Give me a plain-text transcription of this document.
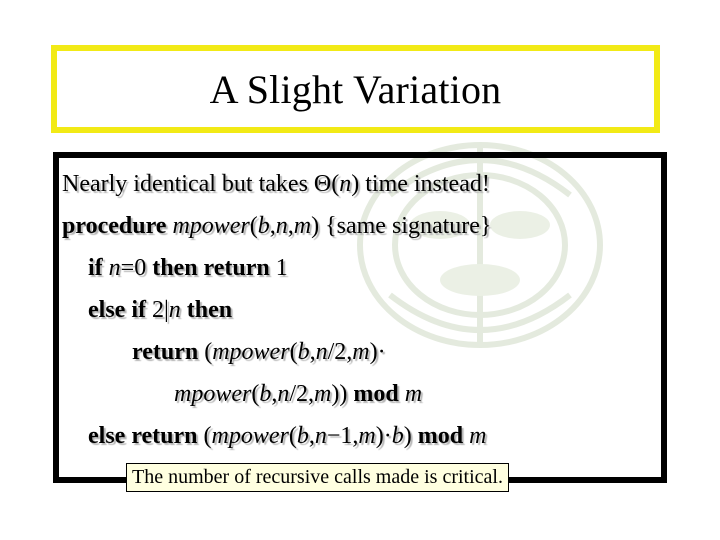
A Slight Variation
Nearly identical but takes Θ(n) time instead!
procedure mpower(b,n,m) {same signature}
if n=0 then return 1
else if 2|n then
return (mpower(b,n/2,m)·
mpower(b,n/2,m)) mod m
else return (mpower(b,n−1,m)·b) mod m
The number of recursive calls made is critical.
